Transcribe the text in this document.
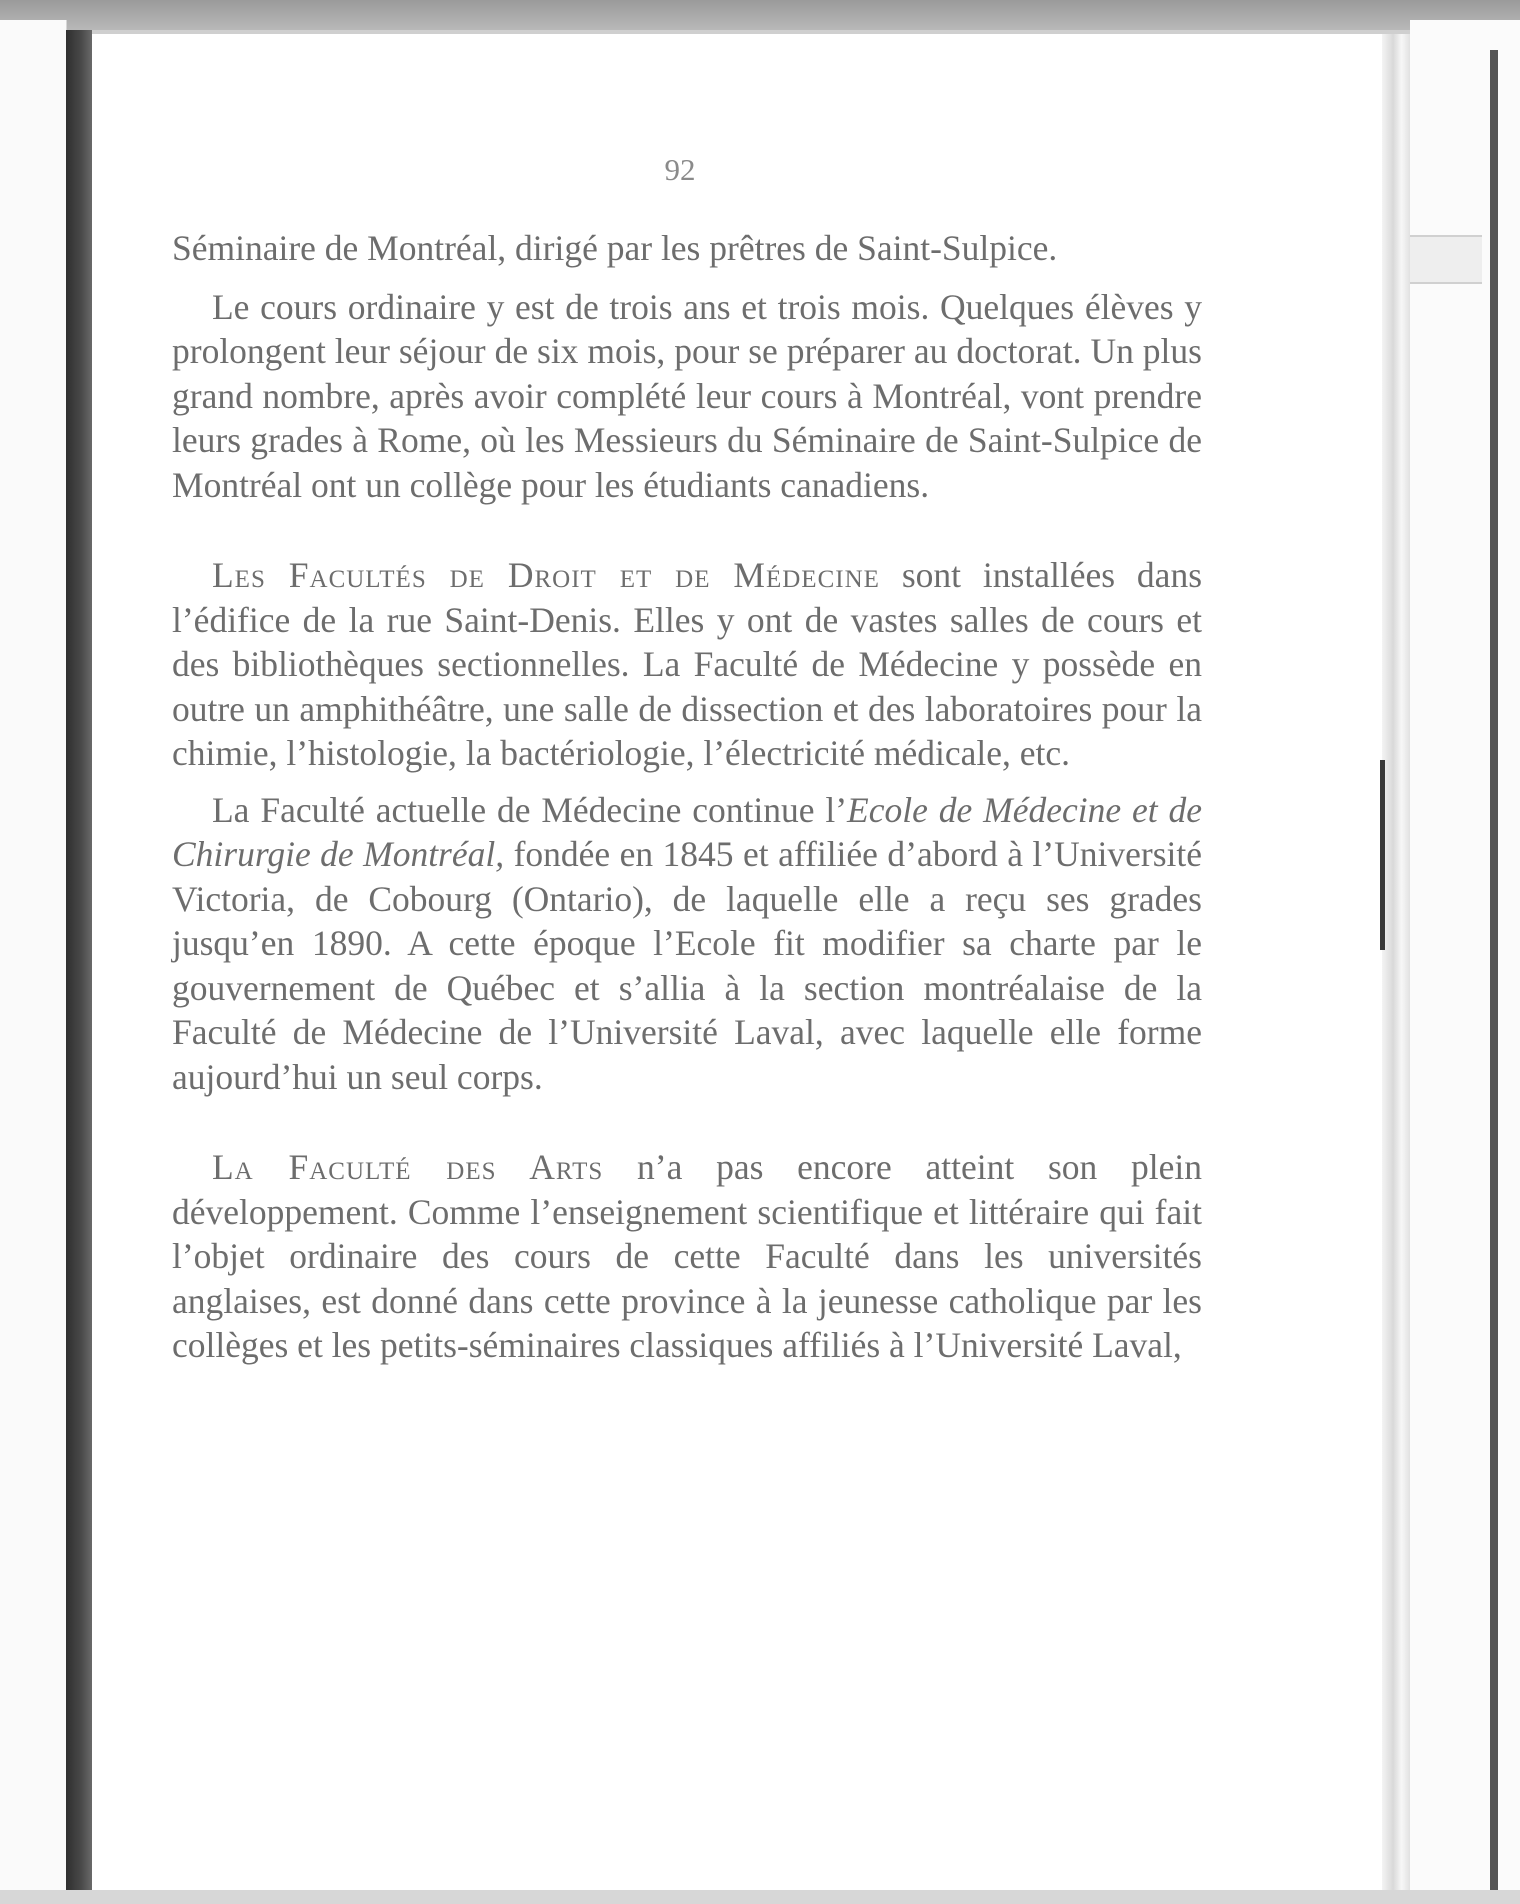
92

Séminaire de Montréal, dirigé par les prêtres de Saint-Sulpice.

Le cours ordinaire y est de trois ans et trois mois. Quelques élèves y prolongent leur séjour de six mois, pour se préparer au doctorat. Un plus grand nombre, après avoir complété leur cours à Montréal, vont prendre leurs grades à Rome, où les Messieurs du Séminaire de Saint-Sulpice de Montréal ont un collège pour les étudiants canadiens.

Les Facultés de Droit et de Médecine sont installées dans l’édifice de la rue Saint-Denis. Elles y ont de vastes salles de cours et des bibliothèques sectionnelles. La Faculté de Médecine y possède en outre un amphithéâtre, une salle de dissection et des laboratoires pour la chimie, l’histologie, la bactériologie, l’électricité médicale, etc.

La Faculté actuelle de Médecine continue l’Ecole de Médecine et de Chirurgie de Montréal, fondée en 1845 et affiliée d’abord à l’Université Victoria, de Cobourg (Ontario), de laquelle elle a reçu ses grades jusqu’en 1890. A cette époque l’Ecole fit modifier sa charte par le gouvernement de Québec et s’allia à la section montréalaise de la Faculté de Médecine de l’Université Laval, avec laquelle elle forme aujourd’hui un seul corps.

La Faculté des Arts n’a pas encore atteint son plein développement. Comme l’enseignement scientifique et littéraire qui fait l’objet ordinaire des cours de cette Faculté dans les universités anglaises, est donné dans cette province à la jeunesse catholique par les collèges et les petits-séminaires classiques affiliés à l’Université Laval,
